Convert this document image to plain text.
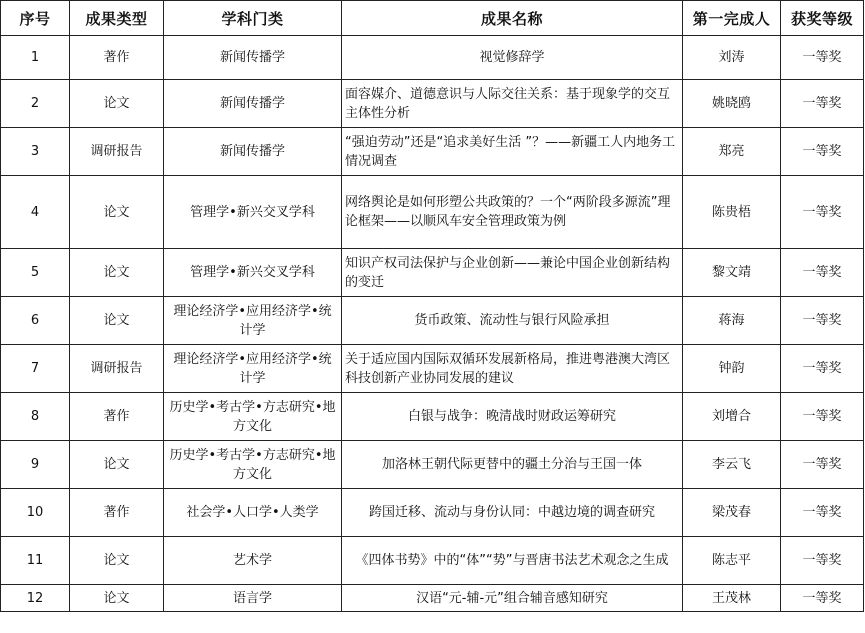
序号	成果类型	学科门类	成果名称	第一完成人	获奖等级
1	著作	新闻传播学	视觉修辞学	刘涛	一等奖
2	论文	新闻传播学	面容媒介、道德意识与人际交往关系：基于现象学的交互主体性分析	姚晓鸥	一等奖
3	调研报告	新闻传播学	“强迫劳动”还是“追求美好生活 ”？——新疆工人内地务工情况调查	郑亮	一等奖
4	论文	管理学•新兴交叉学科	网络舆论是如何形塑公共政策的？一个“两阶段多源流”理论框架——以顺风车安全管理政策为例	陈贵梧	一等奖
5	论文	管理学•新兴交叉学科	知识产权司法保护与企业创新——兼论中国企业创新结构的变迁	黎文靖	一等奖
6	论文	理论经济学•应用经济学•统计学	货币政策、流动性与银行风险承担	蒋海	一等奖
7	调研报告	理论经济学•应用经济学•统计学	关于适应国内国际双循环发展新格局，推进粤港澳大湾区科技创新产业协同发展的建议	钟韵	一等奖
8	著作	历史学•考古学•方志研究•地方文化	白银与战争：晚清战时财政运筹研究	刘增合	一等奖
9	论文	历史学•考古学•方志研究•地方文化	加洛林王朝代际更替中的疆土分治与王国一体	李云飞	一等奖
10	著作	社会学•人口学•人类学	跨国迁移、流动与身份认同：中越边境的调查研究	梁茂春	一等奖
11	论文	艺术学	《四体书势》中的“体”“势”与晋唐书法艺术观念之生成	陈志平	一等奖
12	论文	语言学	汉语“元-辅-元”组合辅音感知研究	王茂林	一等奖
